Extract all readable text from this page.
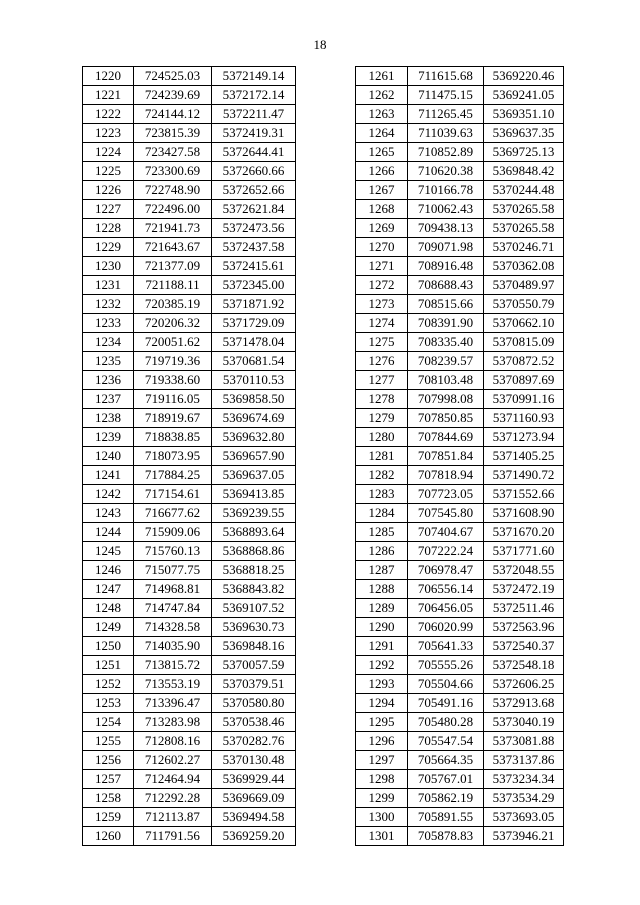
18
1220	724525.03	5372149.14
1221	724239.69	5372172.14
1222	724144.12	5372211.47
1223	723815.39	5372419.31
1224	723427.58	5372644.41
1225	723300.69	5372660.66
1226	722748.90	5372652.66
1227	722496.00	5372621.84
1228	721941.73	5372473.56
1229	721643.67	5372437.58
1230	721377.09	5372415.61
1231	721188.11	5372345.00
1232	720385.19	5371871.92
1233	720206.32	5371729.09
1234	720051.62	5371478.04
1235	719719.36	5370681.54
1236	719338.60	5370110.53
1237	719116.05	5369858.50
1238	718919.67	5369674.69
1239	718838.85	5369632.80
1240	718073.95	5369657.90
1241	717884.25	5369637.05
1242	717154.61	5369413.85
1243	716677.62	5369239.55
1244	715909.06	5368893.64
1245	715760.13	5368868.86
1246	715077.75	5368818.25
1247	714968.81	5368843.82
1248	714747.84	5369107.52
1249	714328.58	5369630.73
1250	714035.90	5369848.16
1251	713815.72	5370057.59
1252	713553.19	5370379.51
1253	713396.47	5370580.80
1254	713283.98	5370538.46
1255	712808.16	5370282.76
1256	712602.27	5370130.48
1257	712464.94	5369929.44
1258	712292.28	5369669.09
1259	712113.87	5369494.58
1260	711791.56	5369259.20
1261	711615.68	5369220.46
1262	711475.15	5369241.05
1263	711265.45	5369351.10
1264	711039.63	5369637.35
1265	710852.89	5369725.13
1266	710620.38	5369848.42
1267	710166.78	5370244.48
1268	710062.43	5370265.58
1269	709438.13	5370265.58
1270	709071.98	5370246.71
1271	708916.48	5370362.08
1272	708688.43	5370489.97
1273	708515.66	5370550.79
1274	708391.90	5370662.10
1275	708335.40	5370815.09
1276	708239.57	5370872.52
1277	708103.48	5370897.69
1278	707998.08	5370991.16
1279	707850.85	5371160.93
1280	707844.69	5371273.94
1281	707851.84	5371405.25
1282	707818.94	5371490.72
1283	707723.05	5371552.66
1284	707545.80	5371608.90
1285	707404.67	5371670.20
1286	707222.24	5371771.60
1287	706978.47	5372048.55
1288	706556.14	5372472.19
1289	706456.05	5372511.46
1290	706020.99	5372563.96
1291	705641.33	5372540.37
1292	705555.26	5372548.18
1293	705504.66	5372606.25
1294	705491.16	5372913.68
1295	705480.28	5373040.19
1296	705547.54	5373081.88
1297	705664.35	5373137.86
1298	705767.01	5373234.34
1299	705862.19	5373534.29
1300	705891.55	5373693.05
1301	705878.83	5373946.21
